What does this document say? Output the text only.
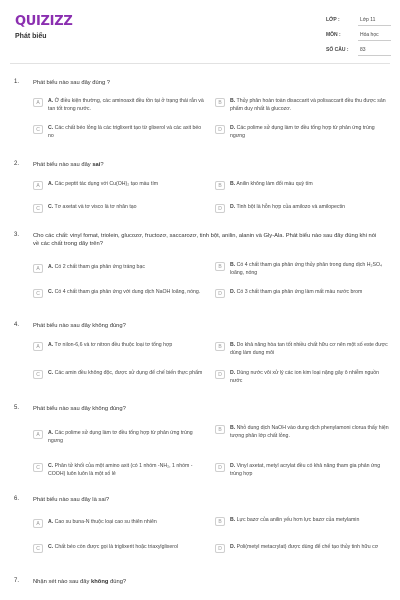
QUIZIZZ
Phát biểu
LỚP :	Lớp 11
MÔN :	Hóa học
SỐ CÂU : 83
1. Phát biểu nào sau đây đúng ?
A	A. Ở điều kiện thường, các aminoaxit đều tồn tại ở trạng thái rắn và tan tốt trong nước.
B	B. Thủy phân hoàn toàn disaccarit và polisaccarit đều thu được sản phẩm duy nhất là glucozơ.
C	C. Các chất béo lỏng là các triglixerit tạo từ glixerol và các axit béo no
D	D. Các polime sử dụng làm tơ đều tổng hợp từ phản ứng trùng ngưng
2. Phát biểu nào sau đây sai?
A	A. Các peptit tác dụng với Cu(OH)₂ tạo màu tím	B	B. Anilin không làm đổi màu quỳ tím
C	C. Tơ axetat và tơ visco là tơ nhân tạo	D	D. Tinh bột là hỗn hợp của amilozo và amilopectin
3. Cho các chất: vinyl fomat, triolein, glucozơ, fructozơ, saccarozơ, tinh bột, anilin, alanin và Gly-Ala. Phát biểu nào sau đây đúng khi nói về các chất trong dãy trên?
A	A. Có 2 chất tham gia phản ứng tráng bạc	B	B. Có 4 chất tham gia phản ứng thủy phân trong dung dịch H₂SO₄ loãng, nóng
C	C. Có 4 chất tham gia phản ứng với dung dịch NaOH loãng, nóng.	D	D. Có 3 chất tham gia phản ứng làm mất màu nước brom
4. Phát biểu nào sau đây không đúng?
A	A. Tơ nilon-6,6 và tơ nitron đều thuộc loại tơ tổng hợp	B	B. Do khả năng hòa tan tốt nhiều chất hữu cơ nên một số este được dùng làm dung môi
C	C. Các amin đều không độc, được sử dụng để chế biến thực phẩm	D	D. Dùng nước vôi xử lý các ion kim loại nặng gây ô nhiễm nguồn nước
5. Phát biểu nào sau đây không đúng?
A	A. Các polime sử dụng làm tơ đều tổng hợp từ phản ứng trùng ngưng
B	B. Nhỏ dung dịch NaOH vào dung dịch phenylamoni clorua thấy hiện tượng phân lớp chất lỏng.
C	C. Phân tử khối của một amino axit (có 1 nhóm -NH₂, 1 nhóm - COOH) luôn luôn là một số lẻ
D	D. Vinyl axetat, metyl acrylat đều có khả năng tham gia phản ứng trùng hợp
6. Phát biểu nào sau đây là sai?
A	A. Cao su buna-N thuộc loại cao su thiên nhiên	B	B. Lực bazơ của anilin yếu hơn lực bazơ của metylamin
C	C. Chất béo còn được gọi là triglixerit hoặc triaxylglixerol	D	D. Poli(metyl metacrylat) được dùng để chế tạo thủy tinh hữu cơ
7. Nhận xét nào sau đây không đúng?
